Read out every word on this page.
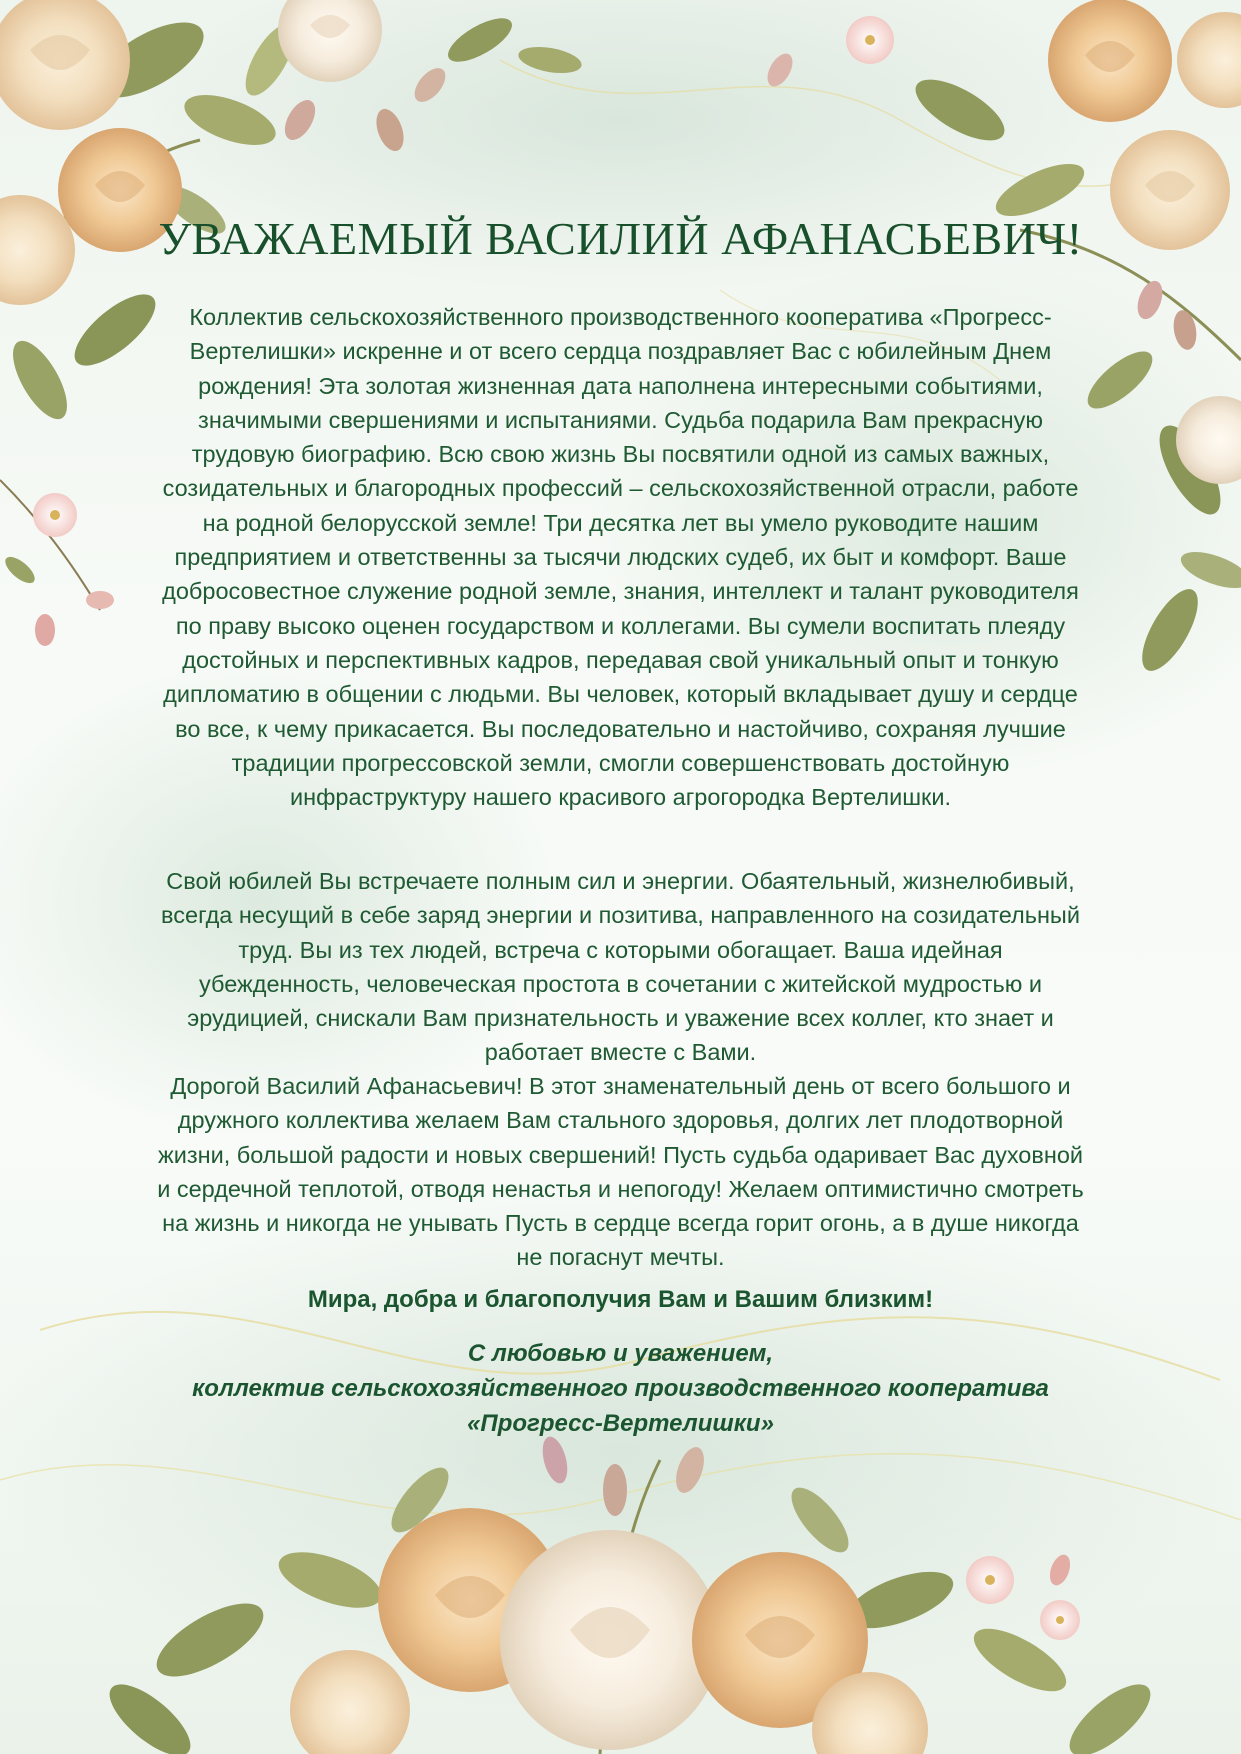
УВАЖАЕМЫЙ ВАСИЛИЙ АФАНАСЬЕВИЧ!

Коллектив сельскохозяйственного производственного кооператива «Прогресс-Вертелишки» искренне и от всего сердца поздравляет Вас с юбилейным Днем рождения! Эта золотая жизненная дата наполнена интересными событиями, значимыми свершениями и испытаниями. Судьба подарила Вам прекрасную трудовую биографию. Всю свою жизнь Вы посвятили одной из самых важных, созидательных и благородных профессий – сельскохозяйственной отрасли, работе на родной белорусской земле! Три десятка лет вы умело руководите нашим предприятием и ответственны за тысячи людских судеб, их быт и комфорт. Ваше добросовестное служение родной земле, знания, интеллект и талант руководителя по праву высоко оценен государством и коллегами. Вы сумели воспитать плеяду достойных и перспективных кадров, передавая свой уникальный опыт и тонкую дипломатию в общении с людьми. Вы человек, который вкладывает душу и сердце во все, к чему прикасается. Вы последовательно и настойчиво, сохраняя лучшие традиции прогрессовской земли, смогли совершенствовать достойную инфраструктуру нашего красивого агрогородка Вертелишки.

Свой юбилей Вы встречаете полным сил и энергии. Обаятельный, жизнелюбивый, всегда несущий в себе заряд энергии и позитива, направленного на созидательный труд. Вы из тех людей, встреча с которыми обогащает. Ваша идейная убежденность, человеческая простота в сочетании с житейской мудростью и эрудицией, снискали Вам признательность и уважение всех коллег, кто знает и работает вместе с Вами.

Дорогой Василий Афанасьевич! В этот знаменательный день от всего большого и дружного коллектива желаем Вам стального здоровья, долгих лет плодотворной жизни, большой радости и новых свершений! Пусть судьба одаривает Вас духовной и сердечной теплотой, отводя ненастья и непогоду! Желаем оптимистично смотреть на жизнь и никогда не унывать Пусть в сердце всегда горит огонь, а в душе никогда не погаснут мечты.

Мира, добра и благополучия Вам и Вашим близким!

С любовью и уважением,
коллектив сельскохозяйственного производственного кооператива
«Прогресс-Вертелишки»
